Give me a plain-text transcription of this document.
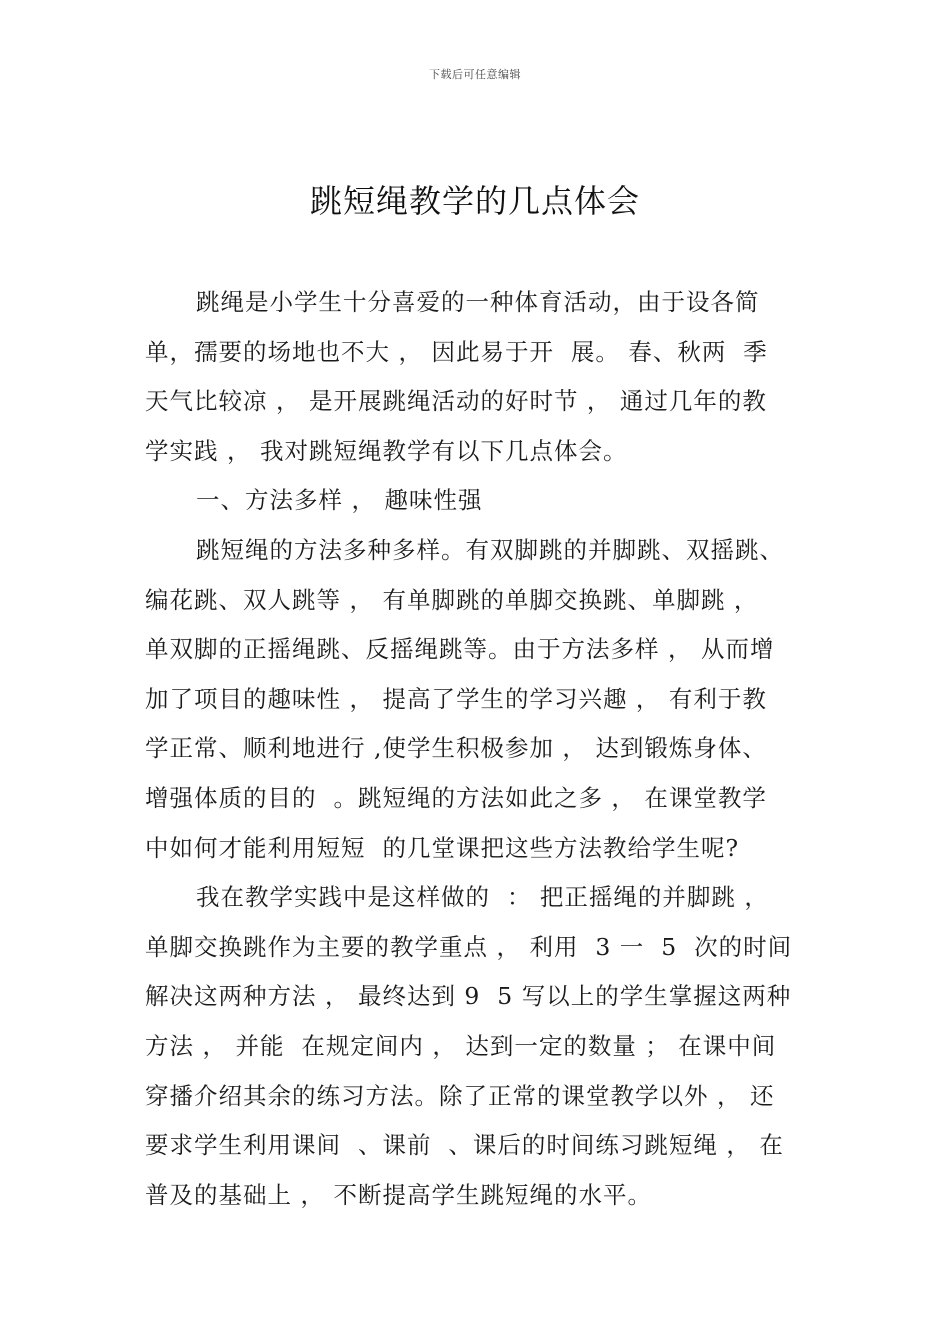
下载后可任意编辑
跳短绳教学的几点体会
跳绳是小学生十分喜爱的一种体育活动，由于设各简
单，孺要的场地也不大 ， 因此易于开  展。 春、秋两  季
天气比较凉 ， 是开展跳绳活动的好时节 ， 通过几年的教
学实践 ， 我对跳短绳教学有以下几点体会。
一、方法多样 ， 趣味性强
跳短绳的方法多种多样。有双脚跳的并脚跳、双摇跳、
编花跳、双人跳等 ， 有单脚跳的单脚交换跳、单脚跳 ，
单双脚的正摇绳跳、反摇绳跳等。由于方法多样 ， 从而增
加了项目的趣味性 ， 提高了学生的学习兴趣 ， 有利于教
学正常、顺利地进行 ,使学生积极参加 ， 达到锻炼身体、
增强体质的目的  。跳短绳的方法如此之多 ， 在课堂教学
中如何才能利用短短  的几堂课把这些方法教给学生呢?
我在教学实践中是这样做的  ： 把正摇绳的并脚跳 ，
单脚交换跳作为主要的教学重点 ， 利用  3 一  5  次的时间
解决这两种方法 ， 最终达到 9  5 写以上的学生掌握这两种
方法 ， 并能  在规定间内 ， 达到一定的数量 ； 在课中间
穿播介绍其余的练习方法。除了正常的课堂教学以外 ， 还
要求学生利用课间  、课前  、课后的时间练习跳短绳 ， 在
普及的基础上 ， 不断提高学生跳短绳的水平。
